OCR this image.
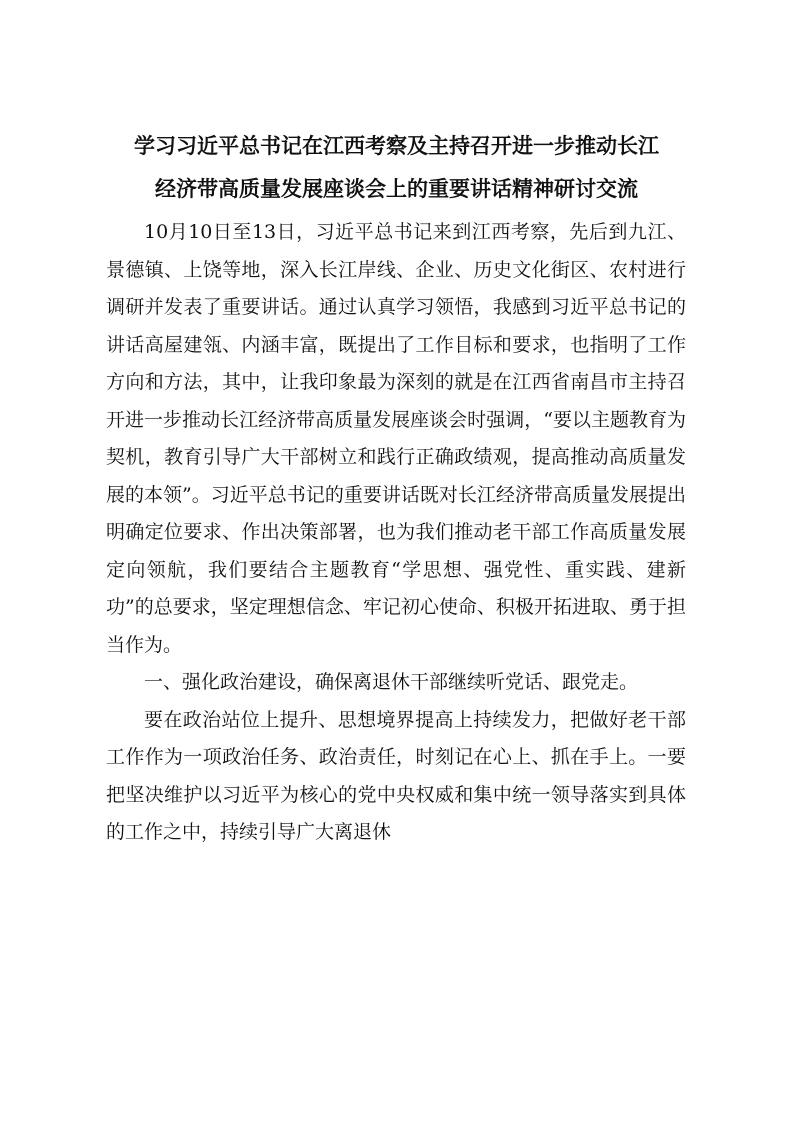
学习习近平总书记在江西考察及主持召开进一步推动长江
经济带高质量发展座谈会上的重要讲话精神研讨交流

10月10日至13日，习近平总书记来到江西考察，先后到九江、景德镇、上饶等地，深入长江岸线、企业、历史文化街区、农村进行调研并发表了重要讲话。通过认真学习领悟，我感到习近平总书记的讲话高屋建瓴、内涵丰富，既提出了工作目标和要求，也指明了工作方向和方法，其中，让我印象最为深刻的就是在江西省南昌市主持召开进一步推动长江经济带高质量发展座谈会时强调，“要以主题教育为契机，教育引导广大干部树立和践行正确政绩观，提高推动高质量发展的本领”。习近平总书记的重要讲话既对长江经济带高质量发展提出明确定位要求、作出决策部署，也为我们推动老干部工作高质量发展定向领航，我们要结合主题教育“学思想、强党性、重实践、建新功”的总要求，坚定理想信念、牢记初心使命、积极开拓进取、勇于担当作为。

一、强化政治建设，确保离退休干部继续听党话、跟党走。

要在政治站位上提升、思想境界提高上持续发力，把做好老干部工作作为一项政治任务、政治责任，时刻记在心上、抓在手上。一要把坚决维护以习近平为核心的党中央权威和集中统一领导落实到具体的工作之中，持续引导广大离退休
